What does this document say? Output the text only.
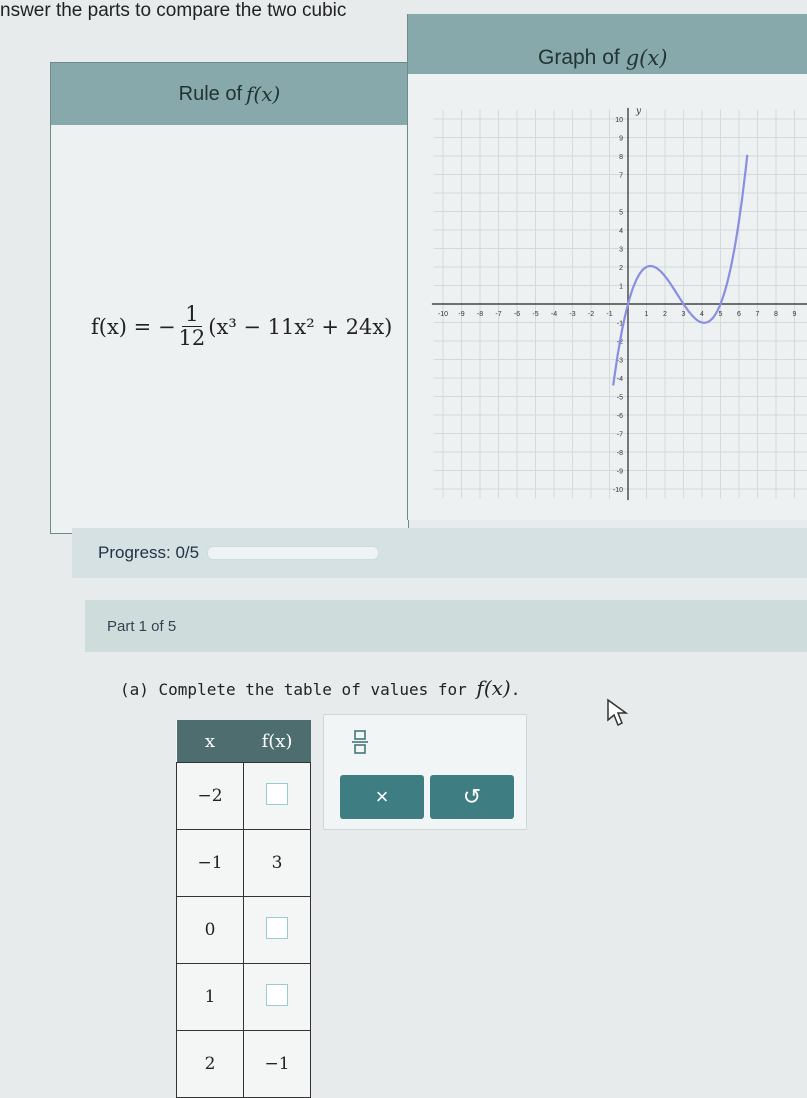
nswer the parts to compare the two cubic
Rule of f(x)
f(x) = − $\frac{1}{12} (x^3 - 11x^2 + 24x)$
Graph of g(x)
-10 -9 -8 -7 -6 -5 -4 -3 -2 -1	1 2 3 4 5 6 7 8 9
10
9
8
7
5
4
3
2
1
-1
-2
-3
-4
-5
-6
-7
-8
-9
-10
y
Progress: 0/5
Part 1 of 5
(a) Complete the table of values for f(x).
x	f(x)
−2	
−1	3
0	
1	
2	−1
×	↺
